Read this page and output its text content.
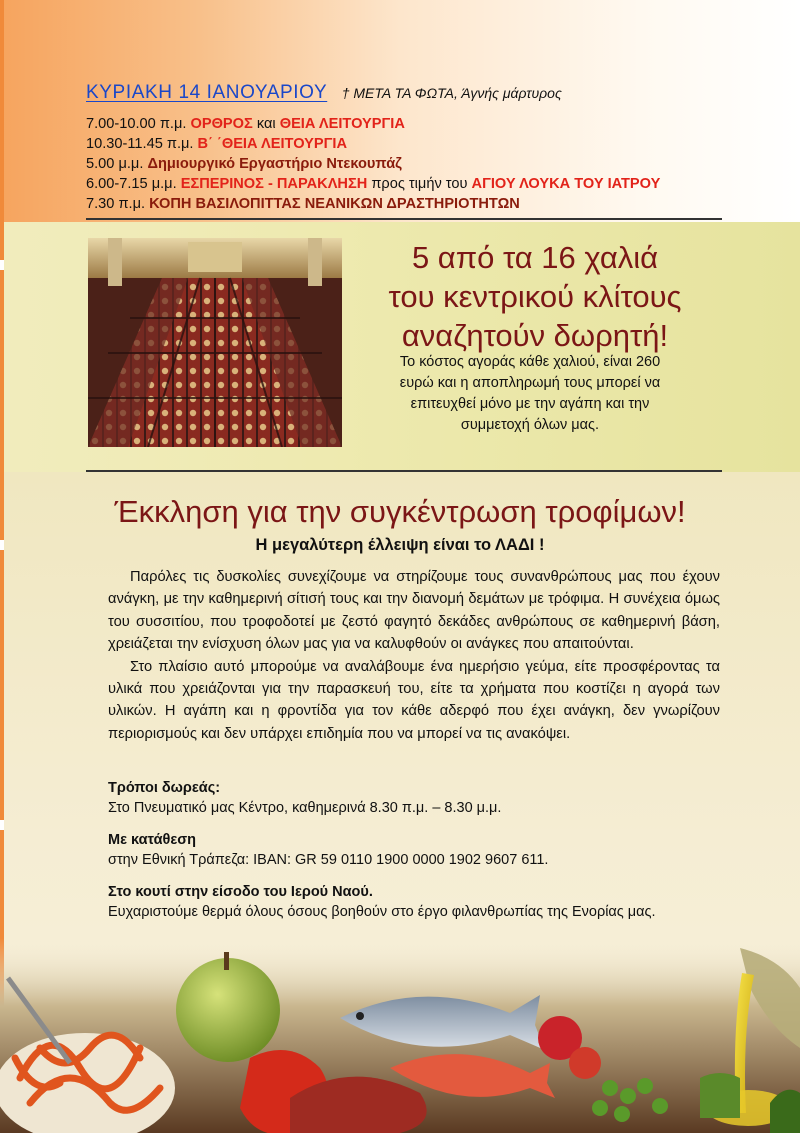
ΚΥΡΙΑΚΗ 14 ΙΑΝΟΥΑΡΙΟΥ † ΜΕΤΑ ΤΑ ΦΩΤΑ, Άγνής μάρτυρος
7.00-10.00 π.μ. ΟΡΘΡΟΣ και ΘΕΙΑ ΛΕΙΤΟΥΡΓΙΑ
10.30-11.45 π.μ. Β΄ ΄ΘΕΙΑ ΛΕΙΤΟΥΡΓΙΑ
5.00 μ.μ. Δημιουργικό Εργαστήριο Ντεκουπάζ
6.00-7.15 μ.μ. ΕΣΠΕΡΙΝΟΣ - ΠΑΡΑΚΛΗΣΗ προς τιμήν του ΑΓΙΟΥ ΛΟΥΚΑ ΤΟΥ ΙΑΤΡΟΥ
7.30 π.μ. ΚΟΠΗ ΒΑΣΙΛΟΠΙΤΤΑΣ ΝΕΑΝΙΚΩΝ ΔΡΑΣΤΗΡΙΟΤΗΤΩΝ
5 από τα 16 χαλιά
του κεντρικού κλίτους
αναζητούν δωρητή!
Το κόστος αγοράς κάθε χαλιού, είναι 260 ευρώ και η αποπληρωμή τους μπορεί να επιτευχθεί μόνο με την αγάπη και την συμμετοχή όλων μας.
Έκκληση για την συγκέντρωση τροφίμων!
Η μεγαλύτερη έλλειψη είναι το ΛΑΔΙ !

Παρόλες τις δυσκολίες συνεχίζουμε να στηρίζουμε τους συνανθρώπους μας που έχουν ανάγκη, με την καθημερινή σίτισή τους και την διανομή δεμάτων με τρόφιμα. Η συνέχεια όμως του συσσιτίου, που τροφοδοτεί με ζεστό φαγητό δεκάδες ανθρώπους σε καθημερινή βάση, χρειάζεται την ενίσχυση όλων μας για να καλυφθούν οι ανάγκες που απαιτούνται.

Στο πλαίσιο αυτό μπορούμε να αναλάβουμε ένα ημερήσιο γεύμα, είτε προσφέροντας τα υλικά που χρειάζονται για την παρασκευή του, είτε τα χρήματα που κοστίζει η αγορά των υλικών. Η αγάπη και η φροντίδα για τον κάθε αδερφό που έχει ανάγκη, δεν γνωρίζουν περιορισμούς και δεν υπάρχει επιδημία που να μπορεί να τις ανακόψει.

Τρόποι δωρεάς:

Στο Πνευματικό μας Κέντρο, καθημερινά 8.30 π.μ. – 8.30 μ.μ.

Με κατάθεση

στην Εθνική Τράπεζα: IBAN: GR 59 0110 1900 0000 1902 9607 611.

Στο κουτί στην είσοδο του Ιερού Ναού.

Ευχαριστούμε θερμά όλους όσους βοηθούν στο έργο φιλανθρωπίας της Ενορίας μας.
